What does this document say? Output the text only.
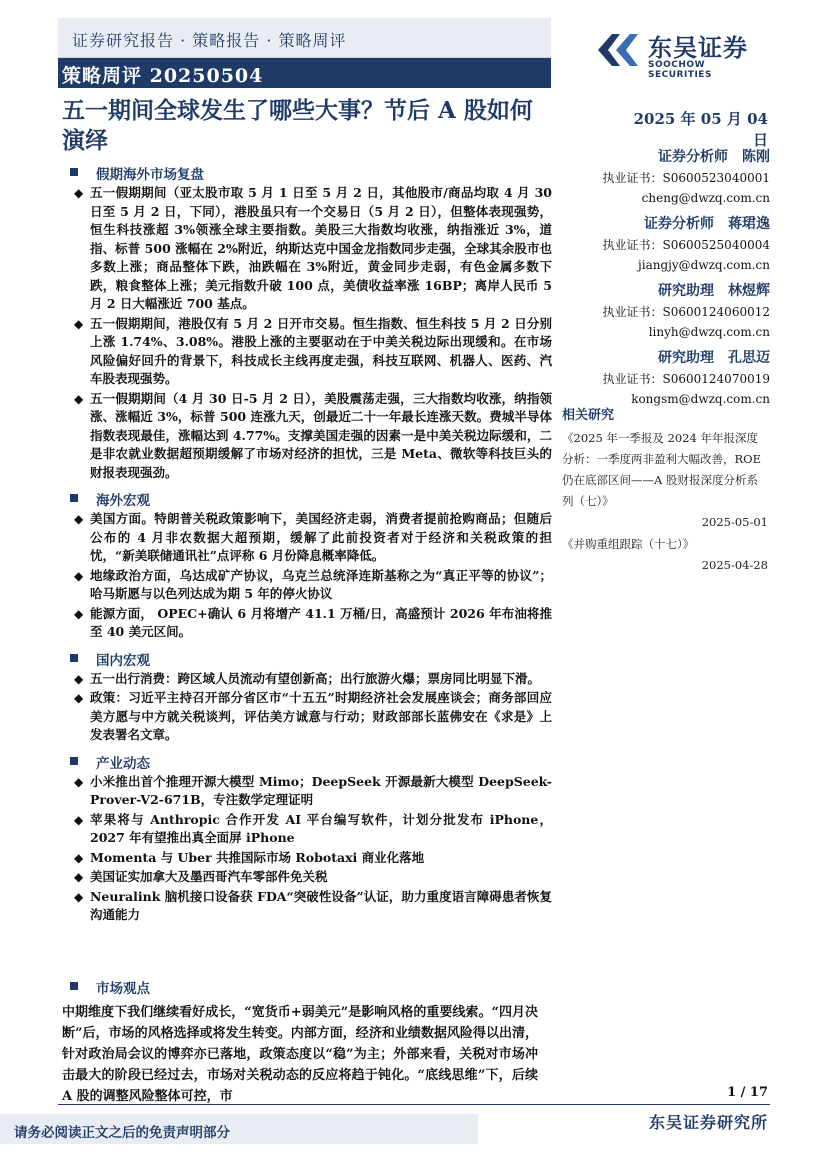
证券研究报告 · 策略报告 · 策略周评
策略周评 20250504
东吴证券
SOOCHOW SECURITIES
五一期间全球发生了哪些大事？节后 A 股如何演绎
2025 年 05 月 04 日
假期海外市场复盘
◆ 五一假期期间（亚太股市取 5 月 1 日至 5 月 2 日，其他股市/商品均取 4 月 30 日至 5 月 2 日，下同），港股虽只有一个交易日（5 月 2 日），但整体表现强势，恒生科技涨超 3%领涨全球主要指数。美股三大指数均收涨，纳指涨近 3%，道指、标普 500 涨幅在 2%附近，纳斯达克中国金龙指数同步走强，全球其余股市也多数上涨；商品整体下跌，油跌幅在 3%附近，黄金同步走弱，有色金属多数下跌，粮食整体上涨；美元指数升破 100 点，美债收益率涨 16BP；离岸人民币 5 月 2 日大幅涨近 700 基点。
◆ 五一假期期间，港股仅有 5 月 2 日开市交易。恒生指数、恒生科技 5 月 2 日分别上涨 1.74%、3.08%。港股上涨的主要驱动在于中美关税边际出现缓和。在市场风险偏好回升的背景下，科技成长主线再度走强，科技互联网、机器人、医药、汽车股表现强势。
◆ 五一假期期间（4 月 30 日-5 月 2 日），美股震荡走强，三大指数均收涨，纳指领涨、涨幅近 3%，标普 500 连涨九天，创最近二十一年最长连涨天数。费城半导体指数表现最佳，涨幅达到 4.77%。支撑美国走强的因素一是中美关税边际缓和，二是非农就业数据超预期缓解了市场对经济的担忧，三是 Meta、微软等科技巨头的财报表现强劲。
海外宏观
◆ 美国方面。特朗普关税政策影响下，美国经济走弱，消费者提前抢购商品；但随后公布的 4 月非农数据大超预期，缓解了此前投资者对于经济和关税政策的担忧，“新美联储通讯社”点评称 6 月份降息概率降低。
◆ 地缘政治方面，乌达成矿产协议，乌克兰总统泽连斯基称之为“真正平等的协议”；哈马斯愿与以色列达成为期 5 年的停火协议
◆ 能源方面， OPEC+确认 6 月将增产 41.1 万桶/日，高盛预计 2026 年布油将推至 40 美元区间。
国内宏观
◆ 五一出行消费：跨区域人员流动有望创新高；出行旅游火爆；票房同比明显下滑。
◆ 政策：习近平主持召开部分省区市“十五五”时期经济社会发展座谈会；商务部回应美方愿与中方就关税谈判，评估美方诚意与行动；财政部部长蓝佛安在《求是》上发表署名文章。
产业动态
◆ 小米推出首个推理开源大模型 Mimo；DeepSeek 开源最新大模型 DeepSeek-Prover-V2-671B，专注数学定理证明
◆ 苹果将与 Anthropic 合作开发 AI 平台编写软件，计划分批发布 iPhone，2027 年有望推出真全面屏 iPhone
◆ Momenta 与 Uber 共推国际市场 Robotaxi 商业化落地
◆ 美国证实加拿大及墨西哥汽车零部件免关税
◆ Neuralink 脑机接口设备获 FDA“突破性设备”认证，助力重度语言障碍患者恢复沟通能力
市场观点

中期维度下我们继续看好成长，“宽货币+弱美元”是影响风格的重要线索。“四月决断”后，市场的风格选择或将发生转变。内部方面，经济和业绩数据风险得以出清，针对政治局会议的博弈亦已落地，政策态度以“稳”为主；外部来看，关税对市场冲击最大的阶段已经过去，市场对关税动态的反应将趋于钝化。“底线思维”下，后续 A 股的调整风险整体可控，市

证券分析师　陈刚
执业证书：S0600523040001
cheng@dwzq.com.cn
证券分析师　蒋珺逸
执业证书：S0600525040004
jiangjy@dwzq.com.cn
研究助理　林煜辉
执业证书：S0600124060012
linyh@dwzq.com.cn
研究助理　孔思迈
执业证书：S0600124070019
kongsm@dwzq.com.cn
相关研究
《2025 年一季报及 2024 年年报深度分析：一季度两非盈利大幅改善，ROE 仍在底部区间——A 股财报深度分析系列（七）》
2025-05-01
《并购重组跟踪（十七）》
2025-04-28
1 / 17
请务必阅读正文之后的免责声明部分
东吴证券研究所
